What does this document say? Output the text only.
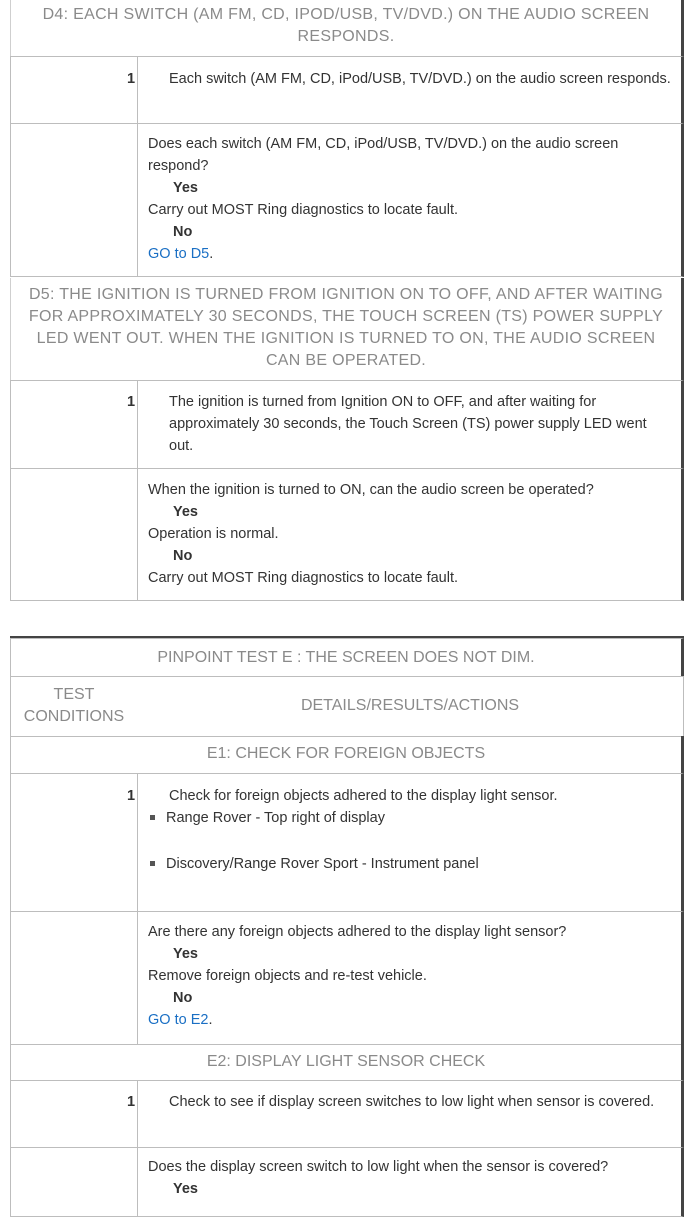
D4: EACH SWITCH (AM FM, CD, IPOD/USB, TV/DVD.) ON THE AUDIO SCREEN RESPONDS.
1 Each switch (AM FM, CD, iPod/USB, TV/DVD.) on the audio screen responds.
Does each switch (AM FM, CD, iPod/USB, TV/DVD.) on the audio screen respond?
Yes
Carry out MOST Ring diagnostics to locate fault.
No
GO to D5.
D5: THE IGNITION IS TURNED FROM IGNITION ON TO OFF, AND AFTER WAITING FOR APPROXIMATELY 30 SECONDS, THE TOUCH SCREEN (TS) POWER SUPPLY LED WENT OUT. WHEN THE IGNITION IS TURNED TO ON, THE AUDIO SCREEN CAN BE OPERATED.
1 The ignition is turned from Ignition ON to OFF, and after waiting for approximately 30 seconds, the Touch Screen (TS) power supply LED went out.
When the ignition is turned to ON, can the audio screen be operated?
Yes
Operation is normal.
No
Carry out MOST Ring diagnostics to locate fault.
PINPOINT TEST E : THE SCREEN DOES NOT DIM.
TEST CONDITIONS
DETAILS/RESULTS/ACTIONS
E1: CHECK FOR FOREIGN OBJECTS
1 Check for foreign objects adhered to the display light sensor.
Range Rover - Top right of display
Discovery/Range Rover Sport - Instrument panel
Are there any foreign objects adhered to the display light sensor?
Yes
Remove foreign objects and re-test vehicle.
No
GO to E2.
E2: DISPLAY LIGHT SENSOR CHECK
1 Check to see if display screen switches to low light when sensor is covered.
Does the display screen switch to low light when the sensor is covered?
Yes
